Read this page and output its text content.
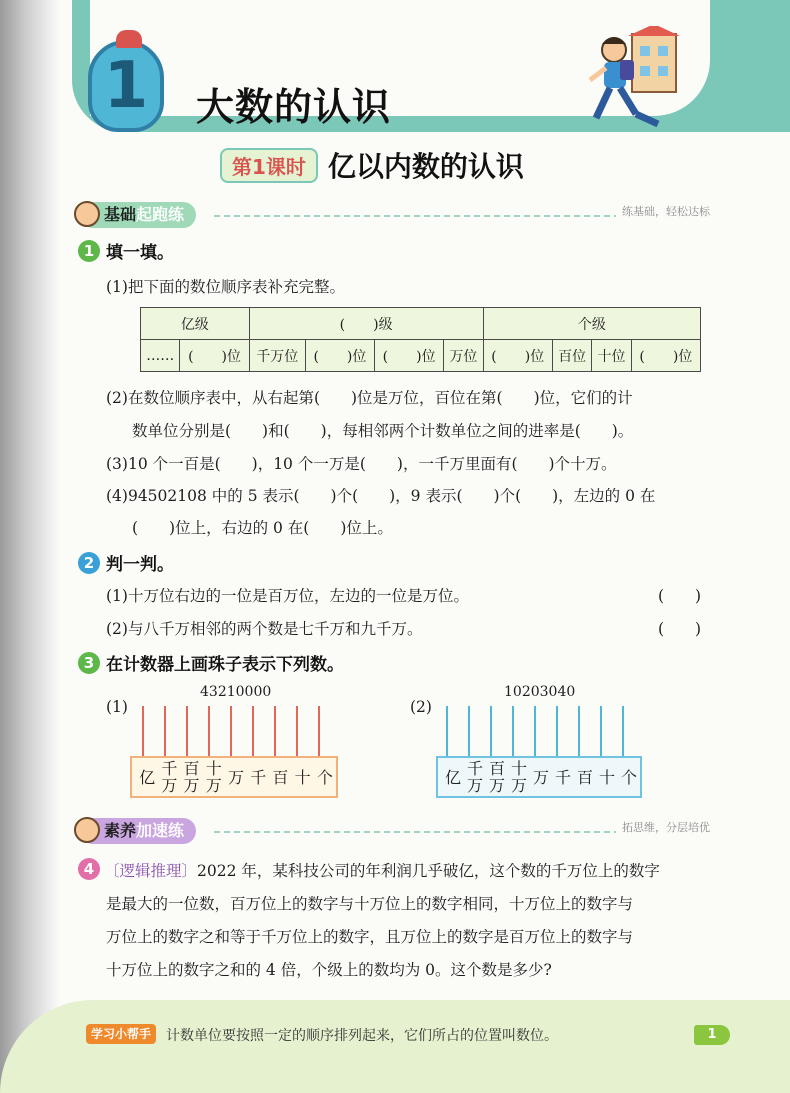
1 大数的认识
第1课时 亿以内数的认识
基础起跑练	练基础，轻松达标
1 填一填。
(1)把下面的数位顺序表补充完整。
亿级		(　　)级				个级			
……	(　　)位	千万位	(　　)位	(　　)位	万位	(　　)位	百位	十位	(　　)位
(2)在数位顺序表中，从右起第(　　)位是万位，百位在第(　　)位，它们的计
数单位分别是(　　)和(　　)，每相邻两个计数单位之间的进率是(　　)。
(3)10 个一百是(　　)，10 个一万是(　　)，一千万里面有(　　)个十万。
(4)94502108 中的 5 表示(　　)个(　　)，9 表示(　　)个(　　)，左边的 0 在
(　　)位上，右边的 0 在(　　)位上。
2 判一判。
(1)十万位右边的一位是百万位，左边的一位是万位。	(　　)
(2)与八千万相邻的两个数是七千万和九千万。	(　　)
3 在计数器上画珠子表示下列数。
(1)
43210000
亿 千
万
百
万
十
万 万 千 百 十 个
(2)
10203040
亿 千
万
百
万
十
万 万 千 百 十 个
素养加速练	拓思维，分层培优
4 〔逻辑推理〕2022 年，某科技公司的年利润几乎破亿，这个数的千万位上的数字
是最大的一位数，百万位上的数字与十万位上的数字相同，十万位上的数字与
万位上的数字之和等于千万位上的数字，且万位上的数字是百万位上的数字与
十万位上的数字之和的 4 倍，个级上的数均为 0。这个数是多少?
学习小帮手	计数单位要按照一定的顺序排列起来，它们所占的位置叫数位。	1
